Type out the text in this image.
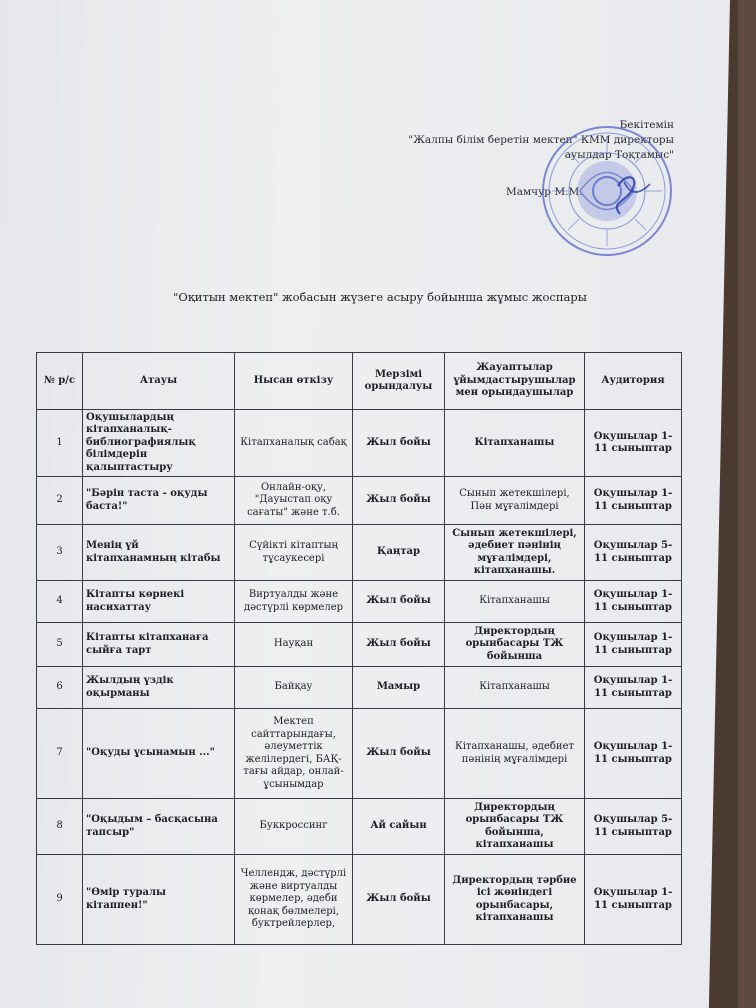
Бекітемін
"Жалпы білім беретін мектеп" КММ директоры
ауылдар Тоқтамыс"
Мамчур М.М.
"Оқитын мектеп" жобасын жүзеге асыру бойынша жұмыс жоспары
№ р/с	Атауы	Нысан өткізу	Мерзімі орындалуы	Жауаптылар ұйымдастырушылар мен орындаушылар	Аудитория
1	Оқушылардың кітапханалық-библиографиялық білімдерін қалыптастыру	Кітапханалық сабақ	Жыл бойы	Кітапханашы	Оқушылар 1-11 сыныптар
2	"Бәрін таста - оқуды баста!"	Онлайн-оқу, "Дауыстап оқу сағаты" және т.б.	Жыл бойы	Сынып жетекшілері, Пән мұғалімдері	Оқушылар 1-11 сыныптар
3	Менің үй кітапханамның кітабы	Сүйікті кітаптың тұсаукесері	Қаңтар	Сынып жетекшілері, әдебиет пәнінің мұғалімдері, кітапханашы.	Оқушылар 5-11 сыныптар
4	Кітапты көрнекі насихаттау	Виртуалды және дәстүрлі көрмелер	Жыл бойы	Кітапханашы	Оқушылар 1-11 сыныптар
5	Кітапты кітапханаға сыйға тарт	Науқан	Жыл бойы	Директордың орынбасары ТЖ бойынша	Оқушылар 1-11 сыныптар
6	Жылдың үздік оқырманы	Байқау	Мамыр	Кітапханашы	Оқушылар 1-11 сыныптар
7	"Оқуды ұсынамын ..."	Мектеп сайттарындағы, әлеуметтік желілердегі, БАҚ-тағы айдар, онлай-ұсынымдар	Жыл бойы	Кітапханашы, әдебиет пәнінің мұғалімдері	Оқушылар 1-11 сыныптар
8	"Оқыдым – басқасына тапсыр"	Буккроссинг	Ай сайын	Директордың орынбасары ТЖ бойынша, кітапханашы	Оқушылар 5-11 сыныптар
9	"Өмір туралы кітаппен!"	Челлендж, дәстүрлі және виртуалды көрмелер, әдеби қонақ бөлмелері, буктрейлерлер,	Жыл бойы	Директордың тәрбие ісі жөніндегі орынбасары, кітапханашы	Оқушылар 1-11 сыныптар
